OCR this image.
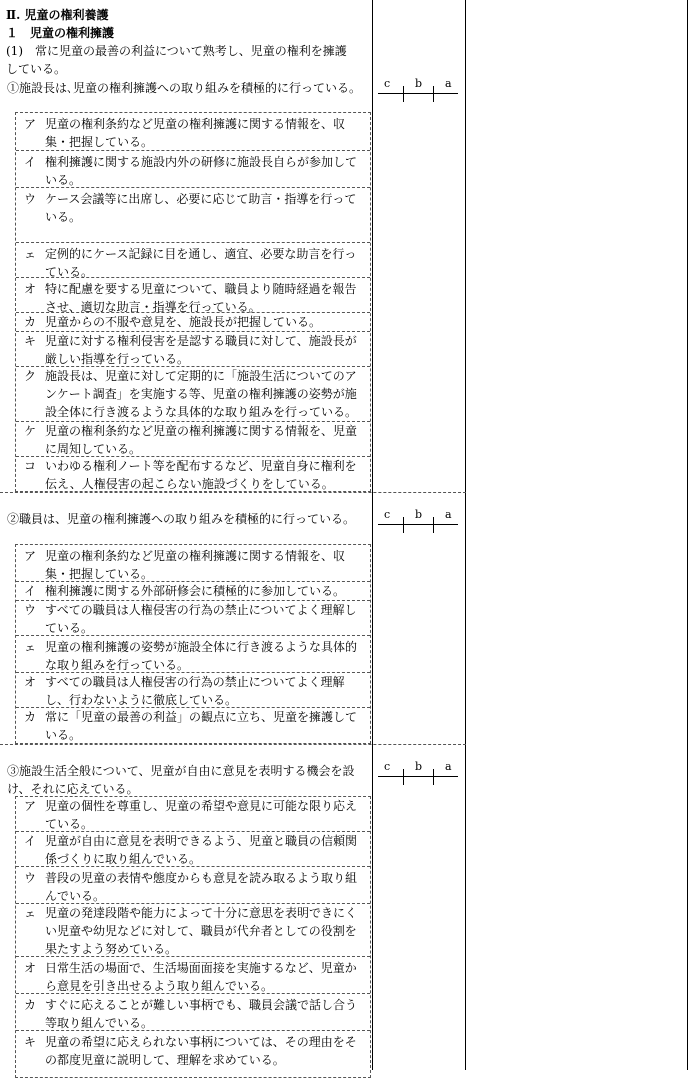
Ⅱ. 児童の権利養護
１　児童の権利擁護
(1)　常に児童の最善の利益について熟考し、児童の権利を擁護
している。
①施設長は､児童の権利擁護への取り組みを積極的に行っている。	c b a
ア 児童の権利条約など児童の権利擁護に関する情報を、収集・把握している。
イ 権利擁護に関する施設内外の研修に施設長自らが参加している。
ウ ケース会議等に出席し、必要に応じて助言・指導を行っている。
ェ 定例的にケース記録に目を通し、適宜、必要な助言を行っている。
オ 特に配慮を要する児童について、職員より随時経過を報告させ、適切な助言・指導を行っている。
カ 児童からの不服や意見を、施設長が把握している。
キ 児童に対する権利侵害を是認する職員に対して、施設長が厳しい指導を行っている。
ク 施設長は、児童に対して定期的に「施設生活についてのアンケート調査」を実施する等、児童の権利擁護の姿勢が施設全体に行き渡るような具体的な取り組みを行っている。
ケ 児童の権利条約など児童の権利擁護に関する情報を、児童に周知している。
コ いわゆる権利ノート等を配布するなど、児童自身に権利を伝え、人権侵害の起こらない施設づくりをしている。
②職員は、児童の権利擁護への取り組みを積極的に行っている。	c b a
ア 児童の権利条約など児童の権利擁護に関する情報を、収集・把握している。
イ 権利擁護に関する外部研修会に積極的に参加している。
ウ すべての職員は人権侵害の行為の禁止についてよく理解している。
ェ 児童の権利擁護の姿勢が施設全体に行き渡るような具体的な取り組みを行っている。
オ すべての職員は人権侵害の行為の禁止についてよく理解し、行わないように徹底している。
カ 常に「児童の最善の利益」の観点に立ち、児童を擁護している。
③施設生活全般について、児童が自由に意見を表明する機会を設け、それに応えている。
c b a
ア 児童の個性を尊重し、児童の希望や意見に可能な限り応えている。
イ 児童が自由に意見を表明できるよう、児童と職員の信頼関係づくりに取り組んでいる。
ウ 普段の児童の表情や態度からも意見を読み取るよう取り組んでいる。
ェ 児童の発達段階や能力によって十分に意思を表明できにくい児童や幼児などに対して、職員が代弁者としての役割を果たすよう努めている。
オ 日常生活の場面で、生活場面面接を実施するなど、児童から意見を引き出せるよう取り組んでいる。
カ すぐに応えることが難しい事柄でも、職員会議で話し合う等取り組んでいる。
キ 児童の希望に応えられない事柄については、その理由をその都度児童に説明して、理解を求めている。
